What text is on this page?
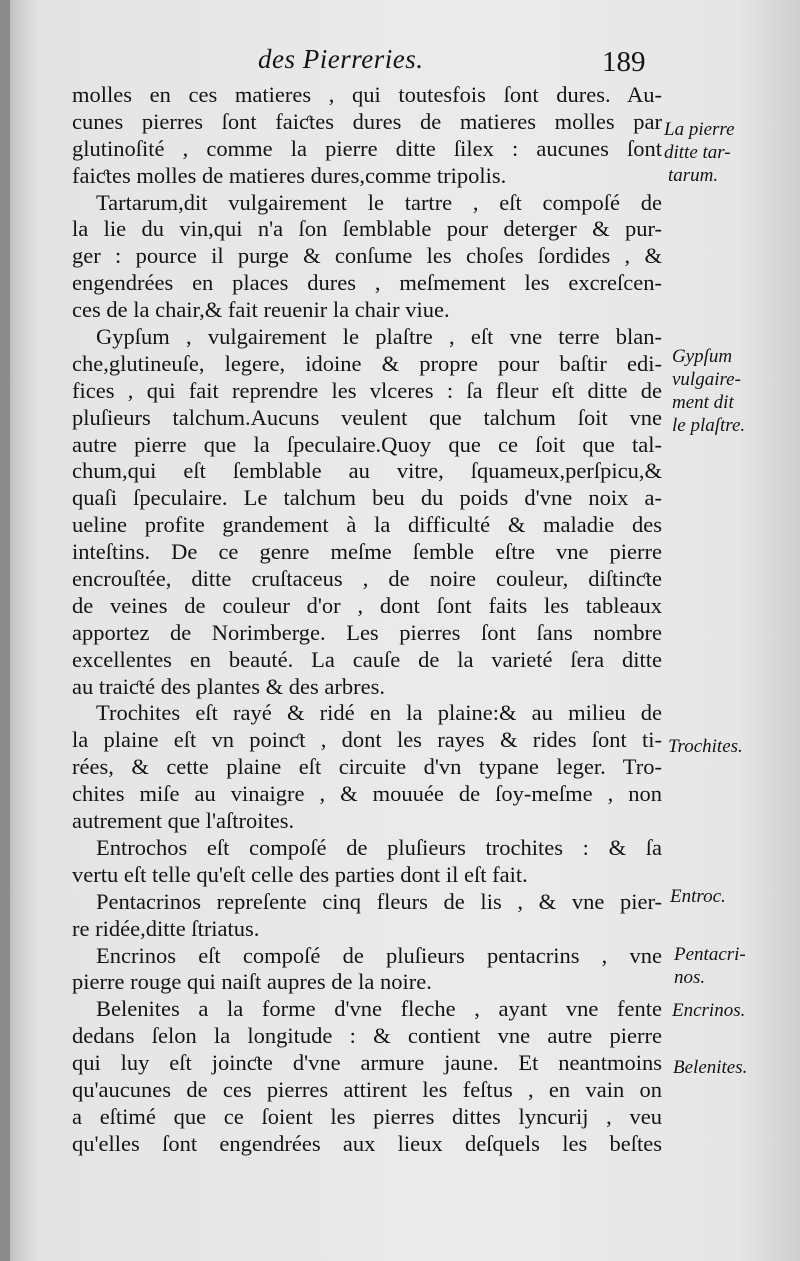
des Pierreries.	189
molles en ces matieres , qui toutesfois ſont dures. Au-
cunes pierres ſont faiƈtes dures de matieres molles par
glutinoſité , comme la pierre ditte ſilex : aucunes ſont
faiƈtes molles de matieres dures,comme tripolis.
Tartarum,dit vulgairement le tartre , eſt compoſé de
la lie du vin,qui n'a ſon ſemblable pour deterger & pur-
ger : pource il purge & conſume les choſes ſordides , &
engendrées en places dures , meſmement les excreſcen-
ces de la chair,& fait reuenir la chair viue.
Gypſum , vulgairement le plaſtre , eſt vne terre blan-
che,glutineuſe, legere, idoine & propre pour baſtir edi-
fices , qui fait reprendre les vlceres : ſa fleur eſt ditte de
pluſieurs talchum.Aucuns veulent que talchum ſoit vne
autre pierre que la ſpeculaire.Quoy que ce ſoit que tal-
chum,qui eſt ſemblable au vitre, ſquameux,perſpicu,&
quaſi ſpeculaire. Le talchum beu du poids d'vne noix a-
ueline profite grandement à la difficulté & maladie des
inteſtins. De ce genre meſme ſemble eſtre vne pierre
encrouſtée, ditte cruſtaceus , de noire couleur, diſtinƈte
de veines de couleur d'or , dont ſont faits les tableaux
apportez de Norimberge. Les pierres ſont ſans nombre
excellentes en beauté. La cauſe de la varieté ſera ditte
au traiƈté des plantes & des arbres.
Trochites eſt rayé & ridé en la plaine:& au milieu de
la plaine eſt vn poinƈt , dont les rayes & rides ſont ti-
rées, & cette plaine eſt circuite d'vn typane leger. Tro-
chites miſe au vinaigre , & mouuée de ſoy-meſme , non
autrement que l'aſtroites.
Entrochos eſt compoſé de pluſieurs trochites : & ſa
vertu eſt telle qu'eſt celle des parties dont il eſt fait.
Pentacrinos repreſente cinq fleurs de lis , & vne pier-
re ridée,ditte ſtriatus.
Encrinos eſt compoſé de pluſieurs pentacrins , vne
pierre rouge qui naiſt aupres de la noire.
Belenites a la forme d'vne fleche , ayant vne fente
dedans ſelon la longitude : & contient vne autre pierre
qui luy eſt joinƈte d'vne armure jaune. Et neantmoins
qu'aucunes de ces pierres attirent les feſtus , en vain on
a eſtimé que ce ſoient les pierres dittes lyncurij , veu
qu'elles ſont engendrées aux lieux deſquels les beſtes
La pierre
ditte tar-
tarum.
Gypſum
vulgaire-
ment dit
le plaſtre.
Trochites.
Entroc.
Pentacri-
nos.
Encrinos.
Belenites.
